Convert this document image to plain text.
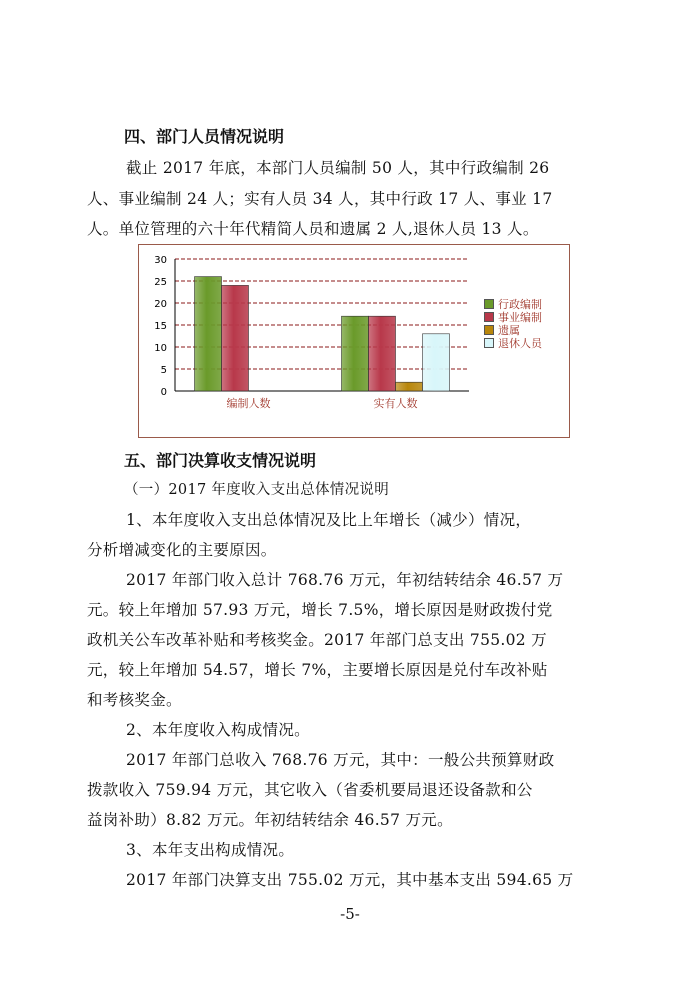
四、部门人员情况说明
截止 2017 年底，本部门人员编制 50 人，其中行政编制 26
人、事业编制 24 人；实有人员 34 人，其中行政 17 人、事业 17
人。单位管理的六十年代精简人员和遗属 2 人,退休人员 13 人。
0
5
10
15
20
25
30
编制人数	实有人数
行政编制
事业编制
遗属
退休人员
五、部门决算收支情况说明
（一）2017 年度收入支出总体情况说明
1、本年度收入支出总体情况及比上年增长（减少）情况，
分析增减变化的主要原因。
2017 年部门收入总计 768.76 万元，年初结转结余 46.57 万
元。较上年增加 57.93 万元，增长 7.5%，增长原因是财政拨付党
政机关公车改革补贴和考核奖金。2017 年部门总支出 755.02 万
元，较上年增加 54.57，增长 7%，主要增长原因是兑付车改补贴
和考核奖金。
2、本年度收入构成情况。
2017 年部门总收入 768.76 万元，其中：一般公共预算财政
拨款收入 759.94 万元，其它收入（省委机要局退还设备款和公
益岗补助）8.82 万元。年初结转结余 46.57 万元。
3、本年支出构成情况。
2017 年部门决算支出 755.02 万元，其中基本支出 594.65 万
-5-
